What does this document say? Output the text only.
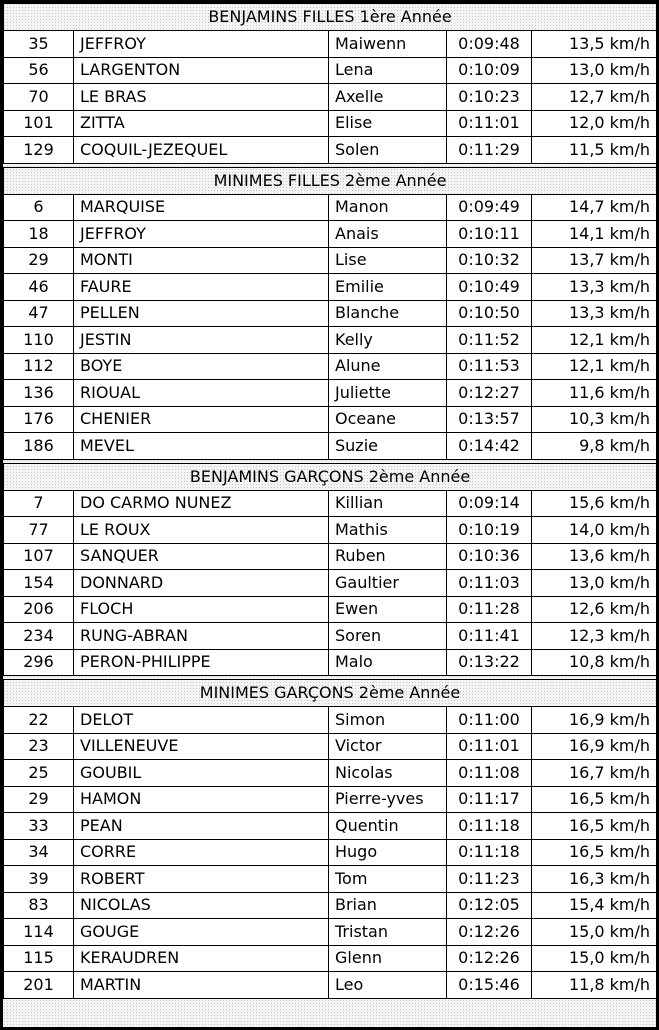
BENJAMINS FILLES 1ère Année				
35	JEFFROY	Maiwenn	0:09:48	13,5 km/h
56	LARGENTON	Lena	0:10:09	13,0 km/h
70	LE BRAS	Axelle	0:10:23	12,7 km/h
101	ZITTA	Elise	0:11:01	12,0 km/h
129	COQUIL-JEZEQUEL	Solen	0:11:29	11,5 km/h

MINIMES FILLES 2ème Année				
6	MARQUISE	Manon	0:09:49	14,7 km/h
18	JEFFROY	Anais	0:10:11	14,1 km/h
29	MONTI	Lise	0:10:32	13,7 km/h
46	FAURE	Emilie	0:10:49	13,3 km/h
47	PELLEN	Blanche	0:10:50	13,3 km/h
110	JESTIN	Kelly	0:11:52	12,1 km/h
112	BOYE	Alune	0:11:53	12,1 km/h
136	RIOUAL	Juliette	0:12:27	11,6 km/h
176	CHENIER	Oceane	0:13:57	10,3 km/h
186	MEVEL	Suzie	0:14:42	9,8 km/h

BENJAMINS GARÇONS 2ème Année				
7	DO CARMO NUNEZ	Killian	0:09:14	15,6 km/h
77	LE ROUX	Mathis	0:10:19	14,0 km/h
107	SANQUER	Ruben	0:10:36	13,6 km/h
154	DONNARD	Gaultier	0:11:03	13,0 km/h
206	FLOCH	Ewen	0:11:28	12,6 km/h
234	RUNG-ABRAN	Soren	0:11:41	12,3 km/h
296	PERON-PHILIPPE	Malo	0:13:22	10,8 km/h

MINIMES GARÇONS 2ème Année				
22	DELOT	Simon	0:11:00	16,9 km/h
23	VILLENEUVE	Victor	0:11:01	16,9 km/h
25	GOUBIL	Nicolas	0:11:08	16,7 km/h
29	HAMON	Pierre-yves	0:11:17	16,5 km/h
33	PEAN	Quentin	0:11:18	16,5 km/h
34	CORRE	Hugo	0:11:18	16,5 km/h
39	ROBERT	Tom	0:11:23	16,3 km/h
83	NICOLAS	Brian	0:12:05	15,4 km/h
114	GOUGE	Tristan	0:12:26	15,0 km/h
115	KERAUDREN	Glenn	0:12:26	15,0 km/h
201	MARTIN	Leo	0:15:46	11,8 km/h
